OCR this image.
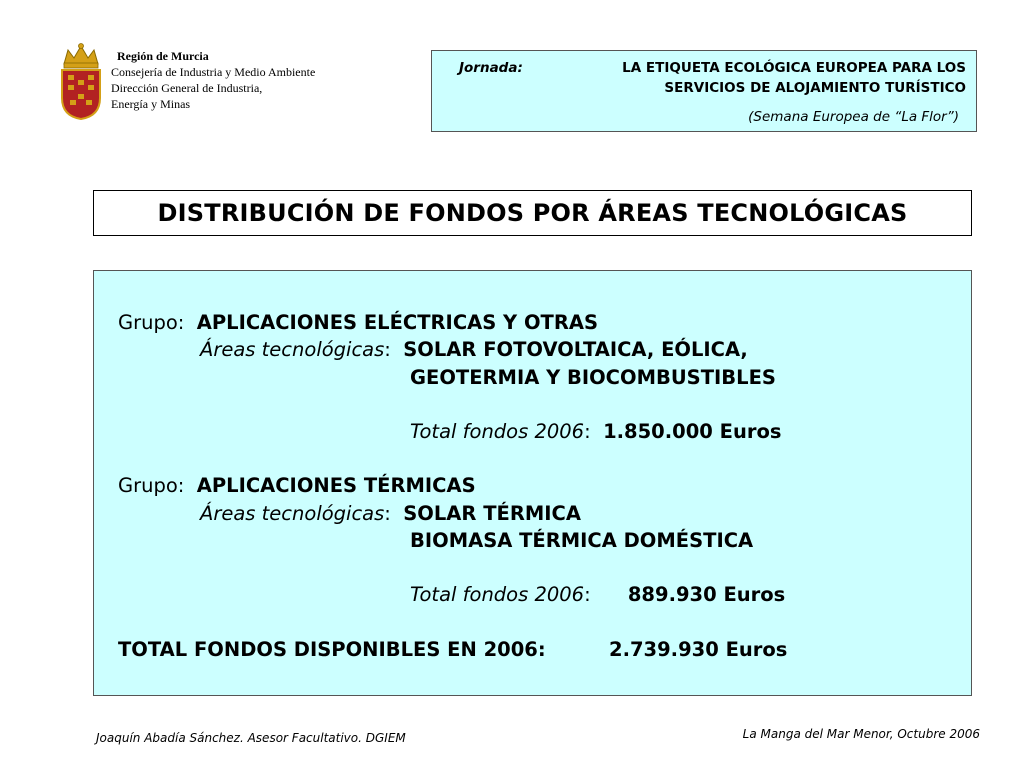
Región de Murcia
Consejería de Industria y Medio Ambiente
Dirección General de Industria,
Energía y Minas
Jornada:	LA ETIQUETA ECOLÓGICA EUROPEA PARA LOS
SERVICIOS DE ALOJAMIENTO TURÍSTICO
(Semana Europea de “La Flor”)
DISTRIBUCIÓN DE FONDOS POR ÁREAS TECNOLÓGICAS
Grupo: APLICACIONES ELÉCTRICAS Y OTRAS
Áreas tecnológicas:  SOLAR FOTOVOLTAICA, EÓLICA,
GEOTERMIA Y BIOCOMBUSTIBLES
Total fondos 2006:  1.850.000 Euros
Grupo: APLICACIONES TÉRMICAS
Áreas tecnológicas:  SOLAR TÉRMICA
BIOMASA TÉRMICA DOMÉSTICA
Total fondos 2006:      889.930 Euros
TOTAL FONDOS DISPONIBLES EN 2006:	2.739.930 Euros
Joaquín Abadía Sánchez. Asesor Facultativo. DGIEM	La Manga del Mar Menor, Octubre 2006
